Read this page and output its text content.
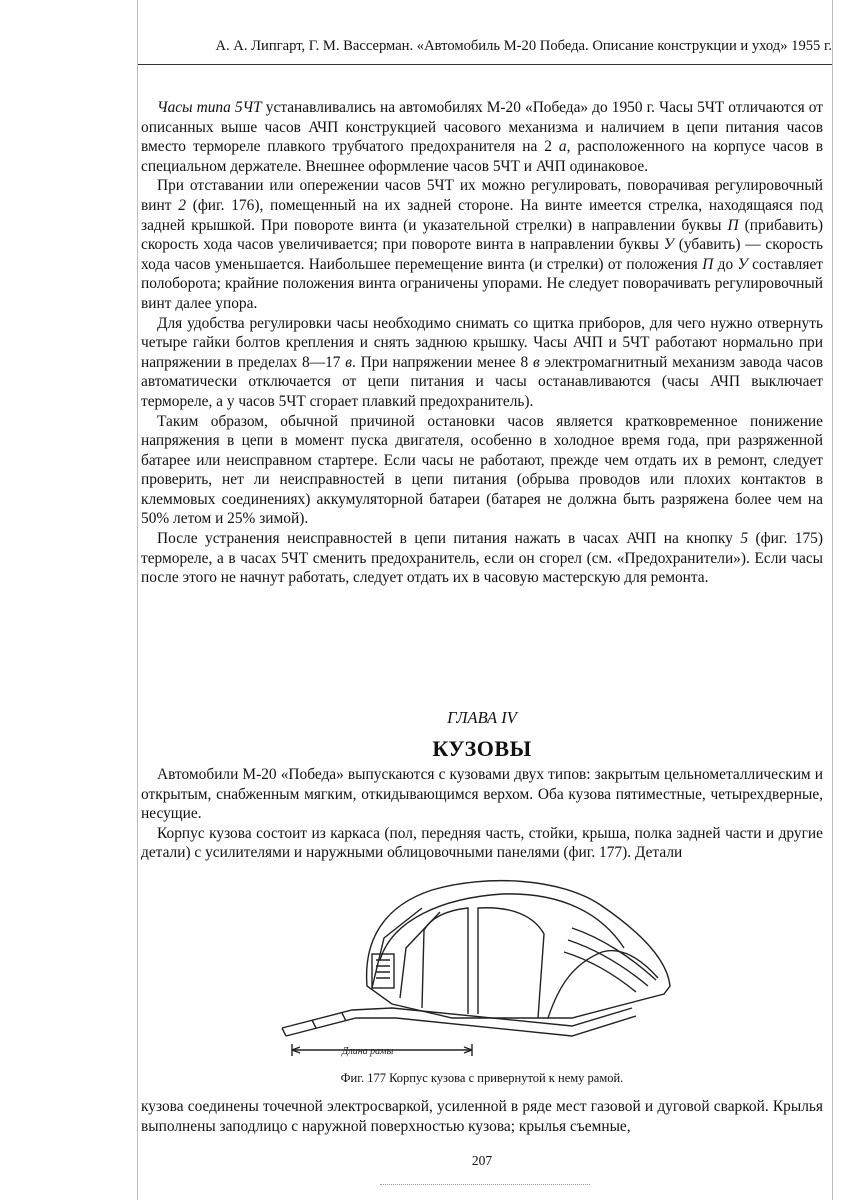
А. А. Липгарт, Г. М. Вассерман. «Автомобиль М-20 Победа. Описание конструкции и уход» 1955 г.

Часы типа 5ЧТ устанавливались на автомобилях М-20 «Победа» до 1950 г. Часы 5ЧТ отличаются от описанных выше часов АЧП конструкцией часового механизма и наличием в цепи питания часов вместо термореле плавкого трубчатого предохранителя на 2 а, расположенного на корпусе часов в специальном держателе. Внешнее оформление часов 5ЧТ и АЧП одинаковое.

При отставании или опережении часов 5ЧТ их можно регулировать, поворачивая регулировочный винт 2 (фиг. 176), помещенный на их задней стороне. На винте имеется стрелка, находящаяся под задней крышкой. При повороте винта (и указательной стрелки) в направлении буквы П (прибавить) скорость хода часов увеличивается; при повороте винта в направлении буквы У (убавить) — скорость хода часов уменьшается. Наибольшее перемещение винта (и стрелки) от положения П до У составляет полоборота; крайние положения винта ограничены упорами. Не следует поворачивать регулировочный винт далее упора.

Для удобства регулировки часы необходимо снимать со щитка приборов, для чего нужно отвернуть четыре гайки болтов крепления и снять заднюю крышку. Часы АЧП и 5ЧТ работают нормально при напряжении в пределах 8—17 в. При напряжении менее 8 в электромагнитный механизм завода часов автоматически отключается от цепи питания и часы останавливаются (часы АЧП выключает термореле, а у часов 5ЧТ сгорает плавкий предохранитель).

Таким образом, обычной причиной остановки часов является кратковременное понижение напряжения в цепи в момент пуска двигателя, особенно в холодное время года, при разряженной батарее или неисправном стартере. Если часы не работают, прежде чем отдать их в ремонт, следует проверить, нет ли неисправностей в цепи питания (обрыва проводов или плохих контактов в клеммовых соединениях) аккумуляторной батареи (батарея не должна быть разряжена более чем на 50% летом и 25% зимой).

После устранения неисправностей в цепи питания нажать в часах АЧП на кнопку 5 (фиг. 175) термореле, а в часах 5ЧТ сменить предохранитель, если он сгорел (см. «Предохранители»). Если часы после этого не начнут работать, следует отдать их в часовую мастерскую для ремонта.

ГЛАВА IV
КУЗОВЫ

Автомобили М-20 «Победа» выпускаются с кузовами двух типов: закрытым цельнометаллическим и открытым, снабженным мягким, откидывающимся верхом. Оба кузова пятиместные, четырехдверные, несущие.

Корпус кузова состоит из каркаса (пол, передняя часть, стойки, крыша, полка задней части и другие детали) с усилителями и наружными облицовочными панелями (фиг. 177). Детали

Длина рамы
Фиг. 177 Корпус кузова с привернутой к нему рамой.

кузова соединены точечной электросваркой, усиленной в ряде мест газовой и дуговой сваркой. Крылья выполнены заподлицо с наружной поверхностью кузова; крылья съемные,

207
